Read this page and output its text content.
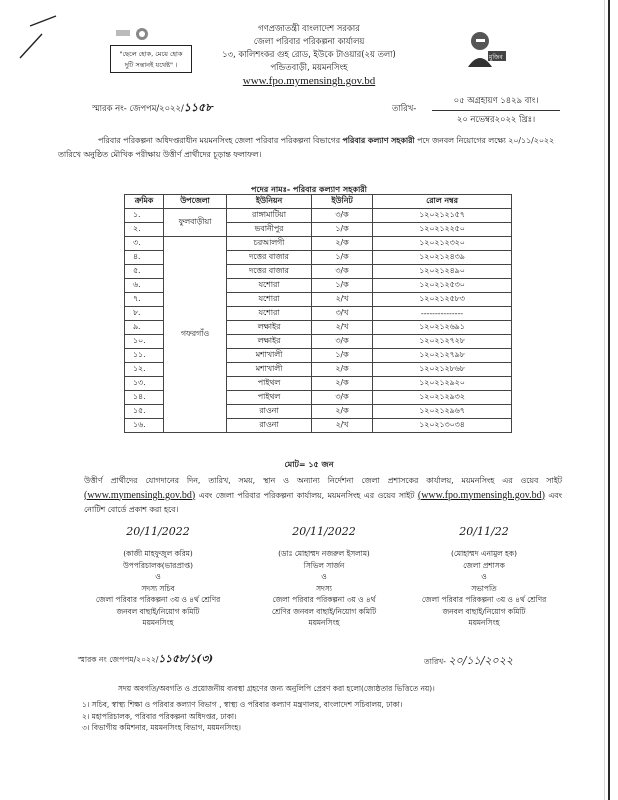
"ছেলে হোক, মেয়ে হোক
দুটি সন্তানই যথেষ্ট" ।
মুজিব
গণপ্রজাতন্ত্রী বাংলাদেশ সরকার
জেলা পরিবার পরিকল্পনা কার্যালয়
১৩, কালিশংকর গুহ রোড, ইউকে টাওয়ার(২য় তলা)
পন্ডিতবাড়ী, ময়মনসিংহ
www.fpo.mymensingh.gov.bd
স্মারক নং- জেপপম/২০২২/১১৫৮	তারিখ-
০৫ অগ্রহায়ণ ১৪২৯ বাং।
২০ নভেম্বর২০২২ খ্রিঃ।
পরিবার পরিকল্পনা অধিদপ্তরাধীন ময়মনসিংহ জেলা পরিবার পরিকল্পনা বিভাগের পরিবার কল্যাণ সহকারী পদে জনবল নিয়োগের লক্ষ্যে ২০/১১/২০২২ তারিখে অনুষ্ঠিত মৌখিক পরীক্ষায় উত্তীর্ণ প্রার্থীদের চূড়ান্ত ফলাফল।
পদের নামঃ- পরিবার কল্যাণ সহকারী
ক্রমিক	উপজেলা	ইউনিয়ন	ইউনিট	রোল নম্বর
১.	ফুলবাড়ীয়া	রাঙ্গামাটিয়া	৩/ক	১২০২১২১৫৭
২.		ভবানীপুর	১/ক	১২০২১২২৫০
৩.	গফরগাঁও	চরআলগী	২/ক	১২০২১২৩২০
৪.		দত্তের বাজার	১/ক	১২০২১২৪৩৯
৫.		দত্তের বাজার	৩/ক	১২০২১২৪৯০
৬.		যশোরা	১/ক	১২০২১২৫৩০
৭.		যশোরা	২/খ	১২০২১২৫৮৩
৮.		যশোরা	৩/খ	---------------
৯.		লক্ষাইর	২/খ	১২০২১২৬৯১
১০.		লক্ষাইর	৩/ক	১২০২১২৭২৮
১১.		মশাখালী	১/ক	১২০২১২৭৯৮
১২.		মশাখালী	২/ক	১২০২১২৮৬৮
১৩.		পাইথল	২/ক	১২০২১২৯২০
১৪.		পাইথল	৩/ক	১২০২১২৯৩২
১৫.		রাওনা	২/ক	১২০২১২৯৬৭
১৬.		রাওনা	২/খ	১২০২১৩০৩৪
মোট= ১৫ জন
উত্তীর্ণ প্রার্থীদের যোগদানের দিন, তারিখ, সময়, স্থান ও অন্যান্য নির্দেশনা জেলা প্রশাসকের কার্যালয়, ময়মনসিংহ এর ওয়েব সাইট (www.mymensingh.gov.bd) এবং জেলা পরিবার পরিকল্পনা কার্যালয়, ময়মনসিংহ এর ওয়েব সাইট (www.fpo.mymensingh.gov.bd) এবং নোটিশ বোর্ডে প্রকাশ করা হবে।
20/11/2022
(কাজী মাহফুজুল করিম)
উপপরিচালক(ভারপ্রাপ্ত)
ও
সদস্য সচিব
জেলা পরিবার পরিকল্পনা ৩য় ও ৪র্থ শ্রেণির
জনবল বাছাই/নিয়োগ কমিটি
ময়মনসিংহ
20/11/2022
(ডাঃ মোহাম্মদ নজরুল ইসলাম)
সিভিল সার্জন
ও
সদস্য
জেলা পরিবার পরিকল্পনা ৩য় ও ৪র্থ
শ্রেণির জনবল বাছাই/নিয়োগ কমিটি
ময়মনসিংহ
20/11/22
(মোহাম্মদ এনামুল হক)
জেলা প্রশাসক
ও
সভাপতি
জেলা পরিবার পরিকল্পনা ৩য় ও ৪র্থ শ্রেণির
জনবল বাছাই/নিয়োগ কমিটি
ময়মনসিংহ
স্মারক নং জেপপম/২০২২/১১৫৮/১(৩)	তারিখ- ২০/১১/২০২২
সদয় অবগতি/অবগতি ও প্রয়োজনীয় ব্যবস্থা গ্রহণের জন্য অনুলিপি প্রেরণ করা হলো(জ্যেষ্ঠতার ভিত্তিতে নয়)।
১। সচিব, স্বাস্থ্য শিক্ষা ও পরিবার কল্যাণ বিভাগ , স্বাস্থ্য ও পরিবার কল্যাণ মন্ত্রণালয়, বাংলাদেশ সচিবালয়, ঢাকা।
২। মহাপরিচালক, পরিবার পরিকল্পনা অধিদপ্তর, ঢাকা।
৩। বিভাগীয় কমিশনার, ময়মনসিংহ বিভাগ, ময়মনসিংহ।
